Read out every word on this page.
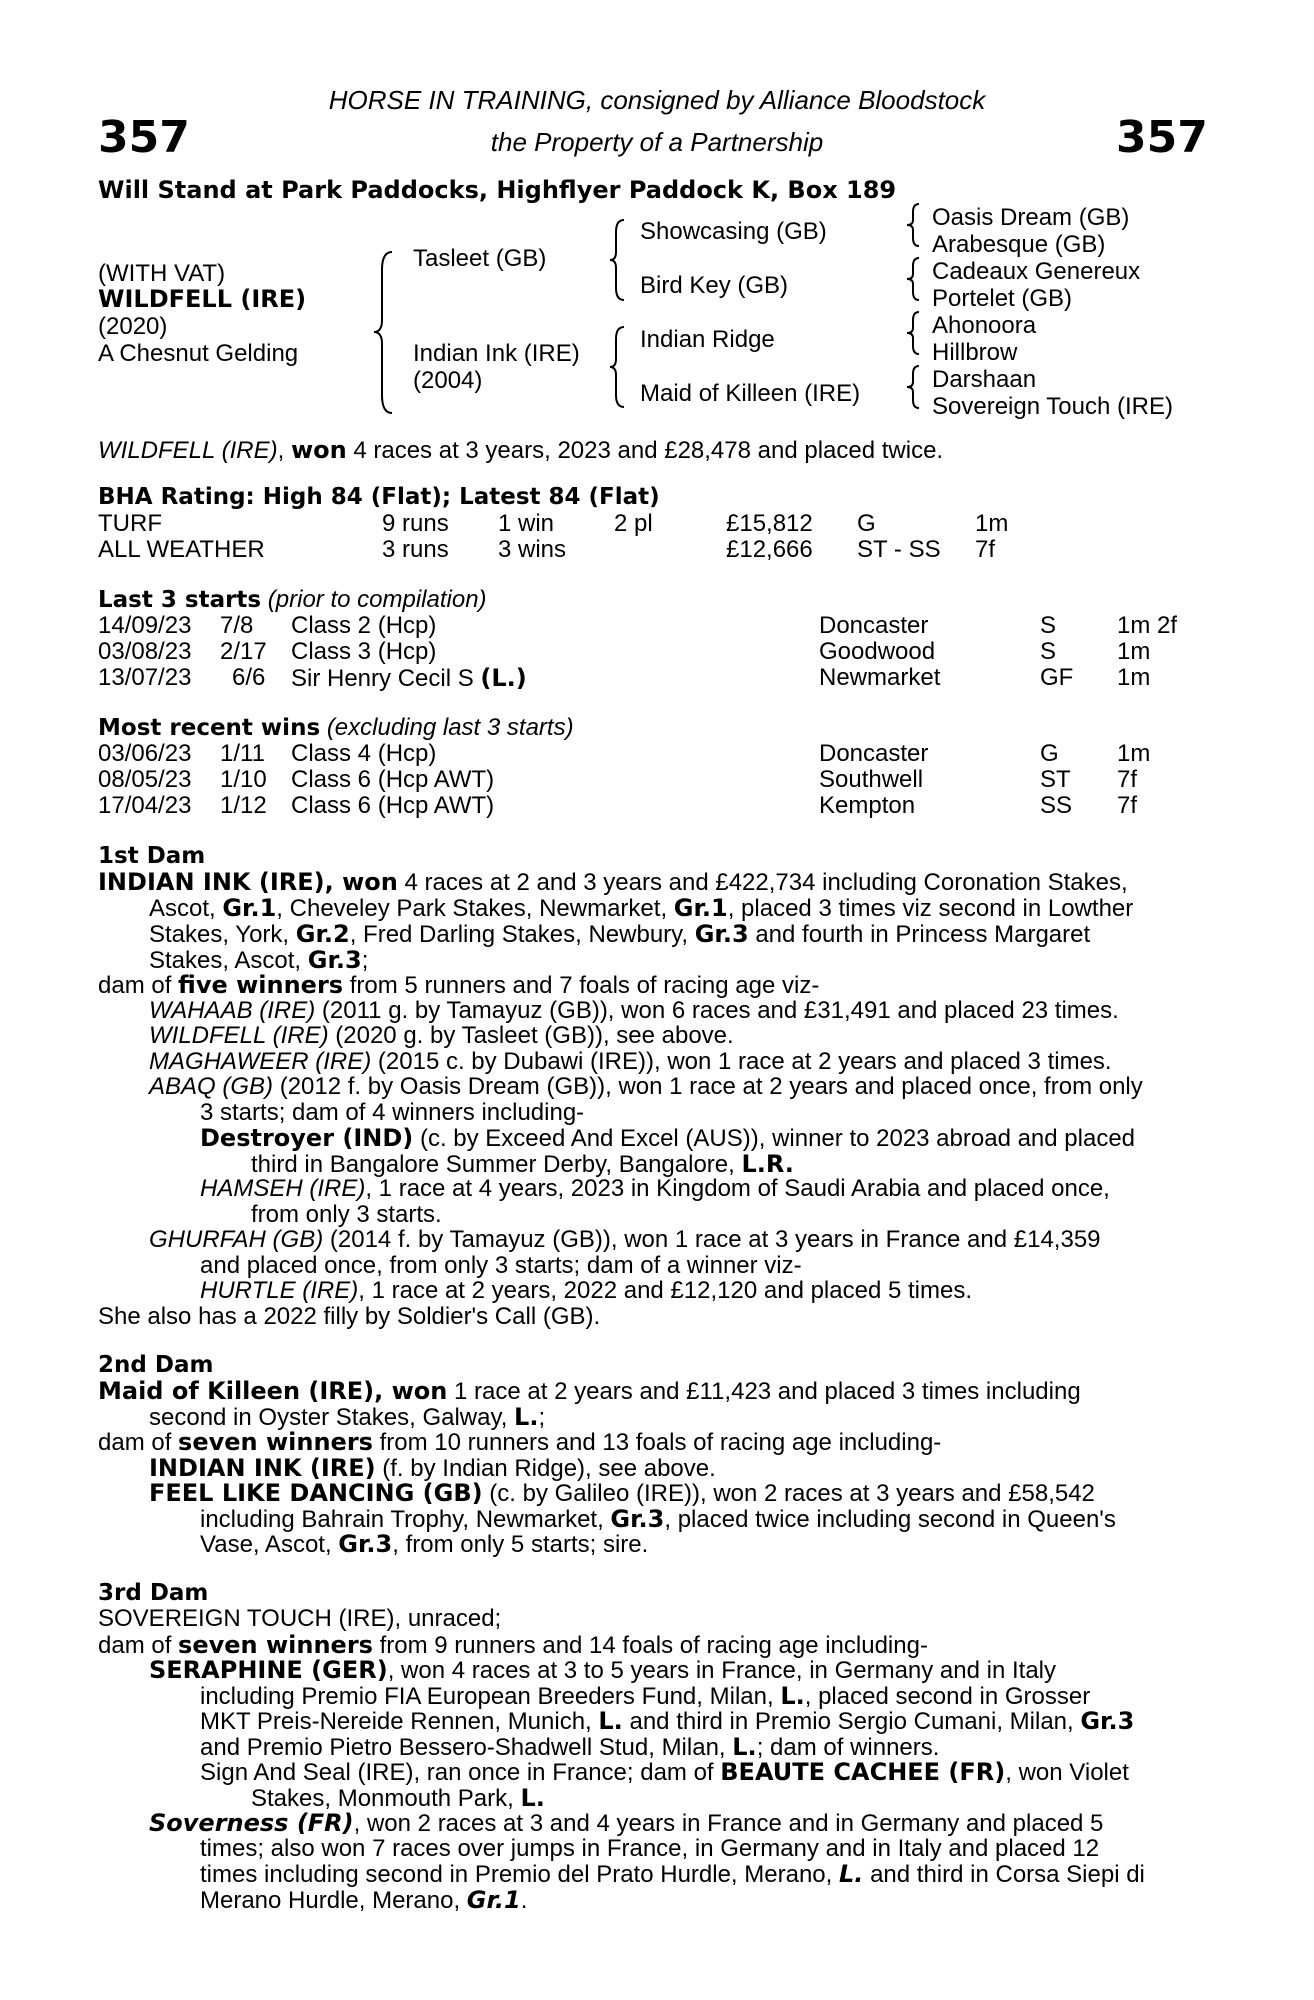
357	357
HORSE IN TRAINING, consigned by Alliance Bloodstock
the Property of a Partnership
Will Stand at Park Paddocks, Highflyer Paddock K, Box 189
(WITH VAT)
WILDFELL (IRE)
(2020)
A Chesnut Gelding
Tasleet (GB)
Indian Ink (IRE)
(2004)
Showcasing (GB)
Bird Key (GB)
Indian Ridge
Maid of Killeen (IRE)
Oasis Dream (GB)
Arabesque (GB)
Cadeaux Genereux
Portelet (GB)
Ahonoora
Hillbrow
Darshaan
Sovereign Touch (IRE)
WILDFELL (IRE), won 4 races at 3 years, 2023 and £28,478 and placed twice.
BHA Rating: High 84 (Flat); Latest 84 (Flat)
TURF	9 runs 1 win 2 pl	£15,812 G	1m
ALL WEATHER	3 runs 3 wins	£12,666 ST - SS 7f
Last 3 starts (prior to compilation)
14/09/23 7/8 Class 2 (Hcp)	Doncaster	S	1m 2f
03/08/23 2/17 Class 3 (Hcp)	Goodwood	S	1m
13/07/23 6/6 Sir Henry Cecil S (L.)	Newmarket	GF 1m
Most recent wins (excluding last 3 starts)
03/06/23 1/11 Class 4 (Hcp)	Doncaster	G 1m
08/05/23 1/10 Class 6 (Hcp AWT)	Southwell	ST 7f
17/04/23 1/12 Class 6 (Hcp AWT)	Kempton	SS 7f
1st Dam
INDIAN INK (IRE), won 4 races at 2 and 3 years and £422,734 including Coronation Stakes,
Ascot, Gr.1, Cheveley Park Stakes, Newmarket, Gr.1, placed 3 times viz second in Lowther
Stakes, York, Gr.2, Fred Darling Stakes, Newbury, Gr.3 and fourth in Princess Margaret
Stakes, Ascot, Gr.3;
dam of five winners from 5 runners and 7 foals of racing age viz-
WAHAAB (IRE) (2011 g. by Tamayuz (GB)), won 6 races and £31,491 and placed 23 times.
WILDFELL (IRE) (2020 g. by Tasleet (GB)), see above.
MAGHAWEER (IRE) (2015 c. by Dubawi (IRE)), won 1 race at 2 years and placed 3 times.
ABAQ (GB) (2012 f. by Oasis Dream (GB)), won 1 race at 2 years and placed once, from only
3 starts; dam of 4 winners including-
Destroyer (IND) (c. by Exceed And Excel (AUS)), winner to 2023 abroad and placed
third in Bangalore Summer Derby, Bangalore, L.R.
HAMSEH (IRE), 1 race at 4 years, 2023 in Kingdom of Saudi Arabia and placed once,
from only 3 starts.
GHURFAH (GB) (2014 f. by Tamayuz (GB)), won 1 race at 3 years in France and £14,359
and placed once, from only 3 starts; dam of a winner viz-
HURTLE (IRE), 1 race at 2 years, 2022 and £12,120 and placed 5 times.
She also has a 2022 filly by Soldier's Call (GB).
2nd Dam
Maid of Killeen (IRE), won 1 race at 2 years and £11,423 and placed 3 times including
second in Oyster Stakes, Galway, L.;
dam of seven winners from 10 runners and 13 foals of racing age including-
INDIAN INK (IRE) (f. by Indian Ridge), see above.
FEEL LIKE DANCING (GB) (c. by Galileo (IRE)), won 2 races at 3 years and £58,542
including Bahrain Trophy, Newmarket, Gr.3, placed twice including second in Queen's
Vase, Ascot, Gr.3, from only 5 starts; sire.
3rd Dam
SOVEREIGN TOUCH (IRE), unraced;
dam of seven winners from 9 runners and 14 foals of racing age including-
SERAPHINE (GER), won 4 races at 3 to 5 years in France, in Germany and in Italy
including Premio FIA European Breeders Fund, Milan, L., placed second in Grosser
MKT Preis-Nereide Rennen, Munich, L. and third in Premio Sergio Cumani, Milan, Gr.3
and Premio Pietro Bessero-Shadwell Stud, Milan, L.; dam of winners.
Sign And Seal (IRE), ran once in France; dam of BEAUTE CACHEE (FR), won Violet
Stakes, Monmouth Park, L.
Soverness (FR), won 2 races at 3 and 4 years in France and in Germany and placed 5
times; also won 7 races over jumps in France, in Germany and in Italy and placed 12
times including second in Premio del Prato Hurdle, Merano, L. and third in Corsa Siepi di
Merano Hurdle, Merano, Gr.1.
